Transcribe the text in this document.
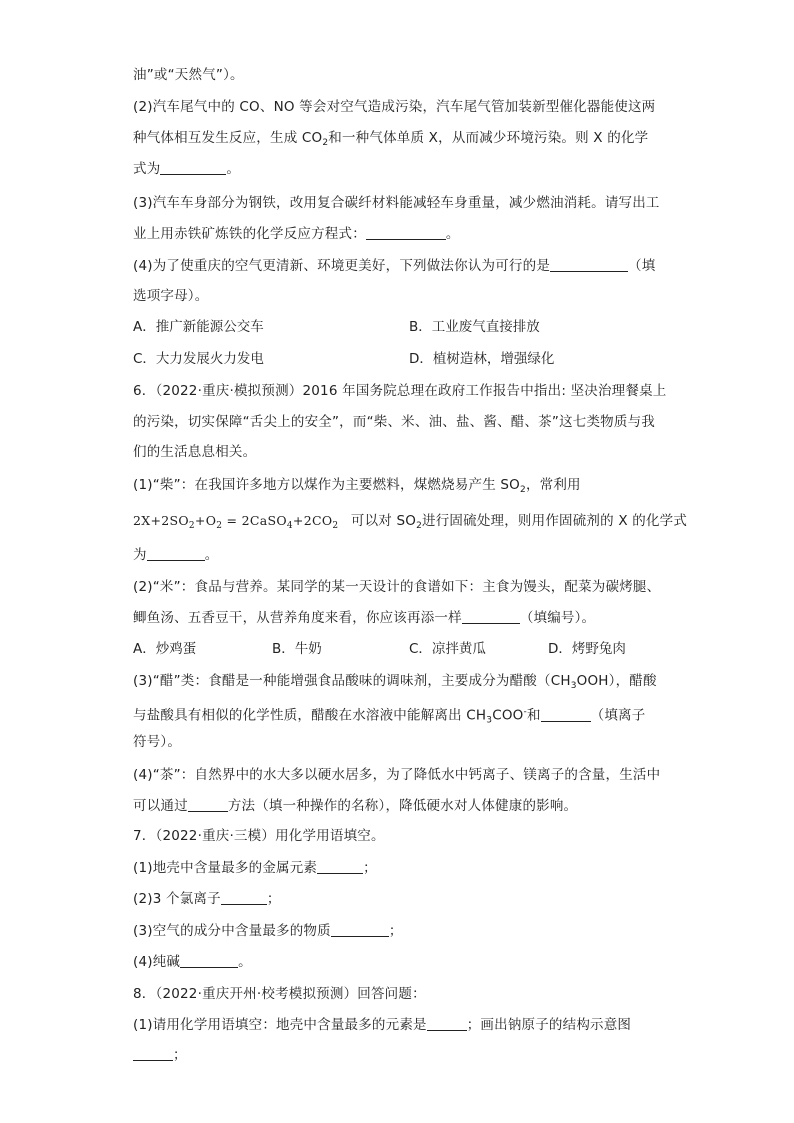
油”或“天然气”）。
(2)汽车尾气中的 CO、NO 等会对空气造成污染，汽车尾气管加装新型催化器能使这两
种气体相互发生反应，生成 $CO_2$和一种气体单质 X，从而减少环境污染。则 X 的化学
式为	。
(3)汽车车身部分为钢铁，改用复合碳纤材料能减轻车身重量，减少燃油消耗。请写出工
业上用赤铁矿炼铁的化学反应方程式：	。
(4)为了使重庆的空气更清新、环境更美好，下列做法你认为可行的是	（填
选项字母）。
A．推广新能源公交车	B．工业废气直接排放
C．大力发展火力发电	D．植树造林，增强绿化
6．（2022·重庆·模拟预测）2016 年国务院总理在政府工作报告中指出: 坚决治理餐桌上
的污染，切实保障“舌尖上的安全”，而“柴、米、油、盐、酱、醋、茶”这七类物质与我
们的生活息息相关。
(1)“柴”：在我国许多地方以煤作为主要燃料，煤燃烧易产生 $SO_2$，常利用
$2X+2SO_2+O_2$ = $2CaSO_4+2CO_2$ 可以对 $SO_2$进行固硫处理，则用作固硫剂的 X 的化学式
为	。
(2)“米”：食品与营养。某同学的某一天设计的食谱如下：主食为馒头，配菜为碳烤腿、
鲫鱼汤、五香豆干，从营养角度来看，你应该再添一样	（填编号）。
A．炒鸡蛋	B．牛奶	C．凉拌黄瓜	D．烤野兔肉
(3)“醋”类：食醋是一种能增强食品酸味的调味剂，主要成分为醋酸$(CH_3OOH)$，醋酸
与盐酸具有相似的化学性质，醋酸在水溶液中能解离出 $CH_3COO^-$和	（填离子
符号）。
(4)“茶”：自然界中的水大多以硬水居多，为了降低水中钙离子、镁离子的含量，生活中
可以通过	方法（填一种操作的名称），降低硬水对人体健康的影响。
7．（2022·重庆·三模）用化学用语填空。
(1)地壳中含量最多的金属元素	；
(2)3 个氯离子	；
(3)空气的成分中含量最多的物质	；
(4)纯碱	。
8．（2022·重庆开州·校考模拟预测）回答问题：
(1)请用化学用语填空：地壳中含量最多的元素是	；画出钠原子的结构示意图
；
